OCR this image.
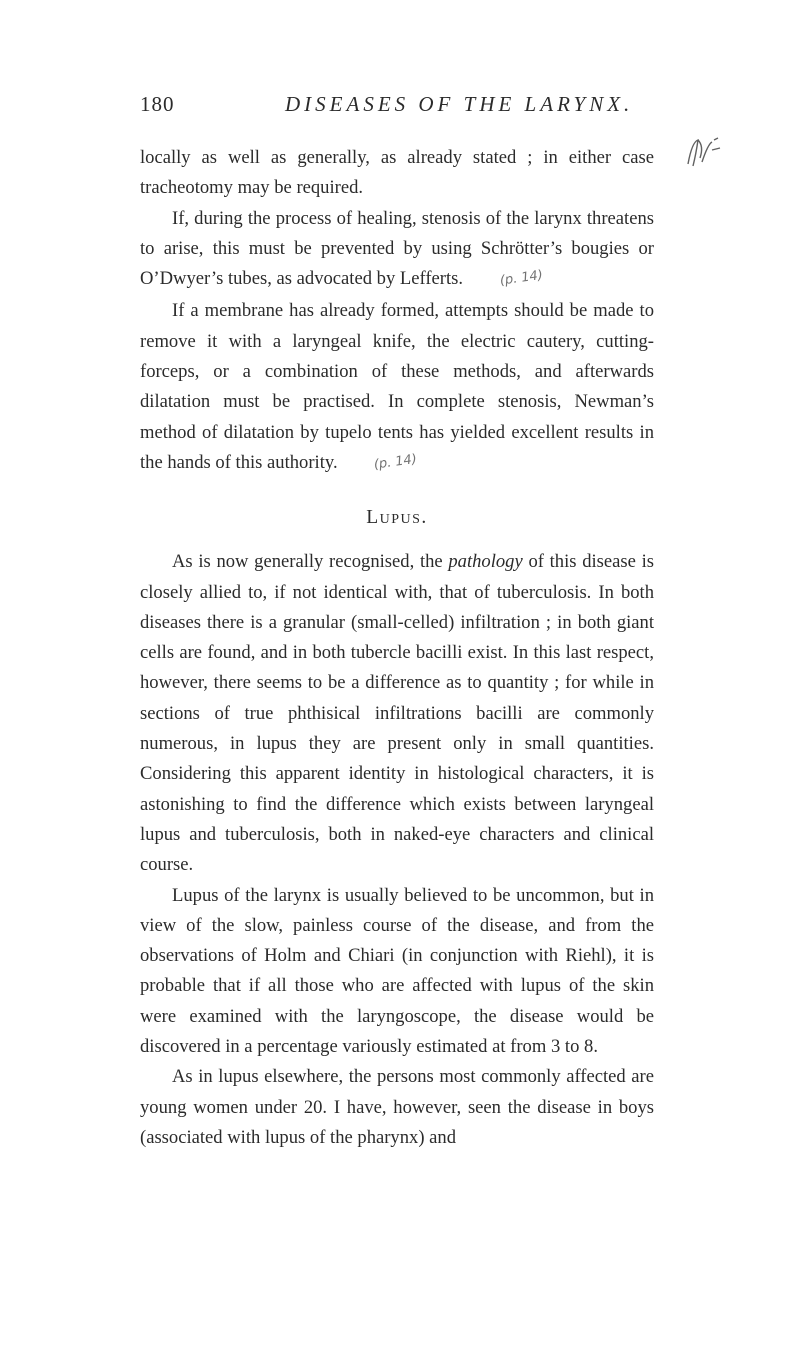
180	DISEASES OF THE LARYNX.

locally as well as generally, as already stated ; in either case tracheotomy may be required.

If, during the process of healing, stenosis of the larynx threatens to arise, this must be prevented by using Schrötter’s bougies or O’Dwyer’s tubes, as advocated by Lefferts.	(p. 14)

If a membrane has already formed, attempts should be made to remove it with a laryngeal knife, the electric cautery, cutting-forceps, or a combination of these methods, and afterwards dilatation must be practised. In complete stenosis, Newman’s method of dilatation by tupelo tents has yielded excellent results in the hands of this authority.	(p. 14)

Lupus.

As is now generally recognised, the pathology of this disease is closely allied to, if not identical with, that of tuberculosis. In both diseases there is a granular (small-celled) infiltration ; in both giant cells are found, and in both tubercle bacilli exist. In this last respect, however, there seems to be a difference as to quantity ; for while in sections of true phthisical infiltrations bacilli are commonly numerous, in lupus they are present only in small quantities. Considering this apparent identity in histological characters, it is astonishing to find the difference which exists between laryngeal lupus and tuberculosis, both in naked-eye characters and clinical course.

Lupus of the larynx is usually believed to be uncommon, but in view of the slow, painless course of the disease, and from the observations of Holm and Chiari (in conjunction with Riehl), it is probable that if all those who are affected with lupus of the skin were examined with the laryngoscope, the disease would be discovered in a percentage variously estimated at from 3 to 8.

As in lupus elsewhere, the persons most commonly affected are young women under 20. I have, however, seen the disease in boys (associated with lupus of the pharynx) and
